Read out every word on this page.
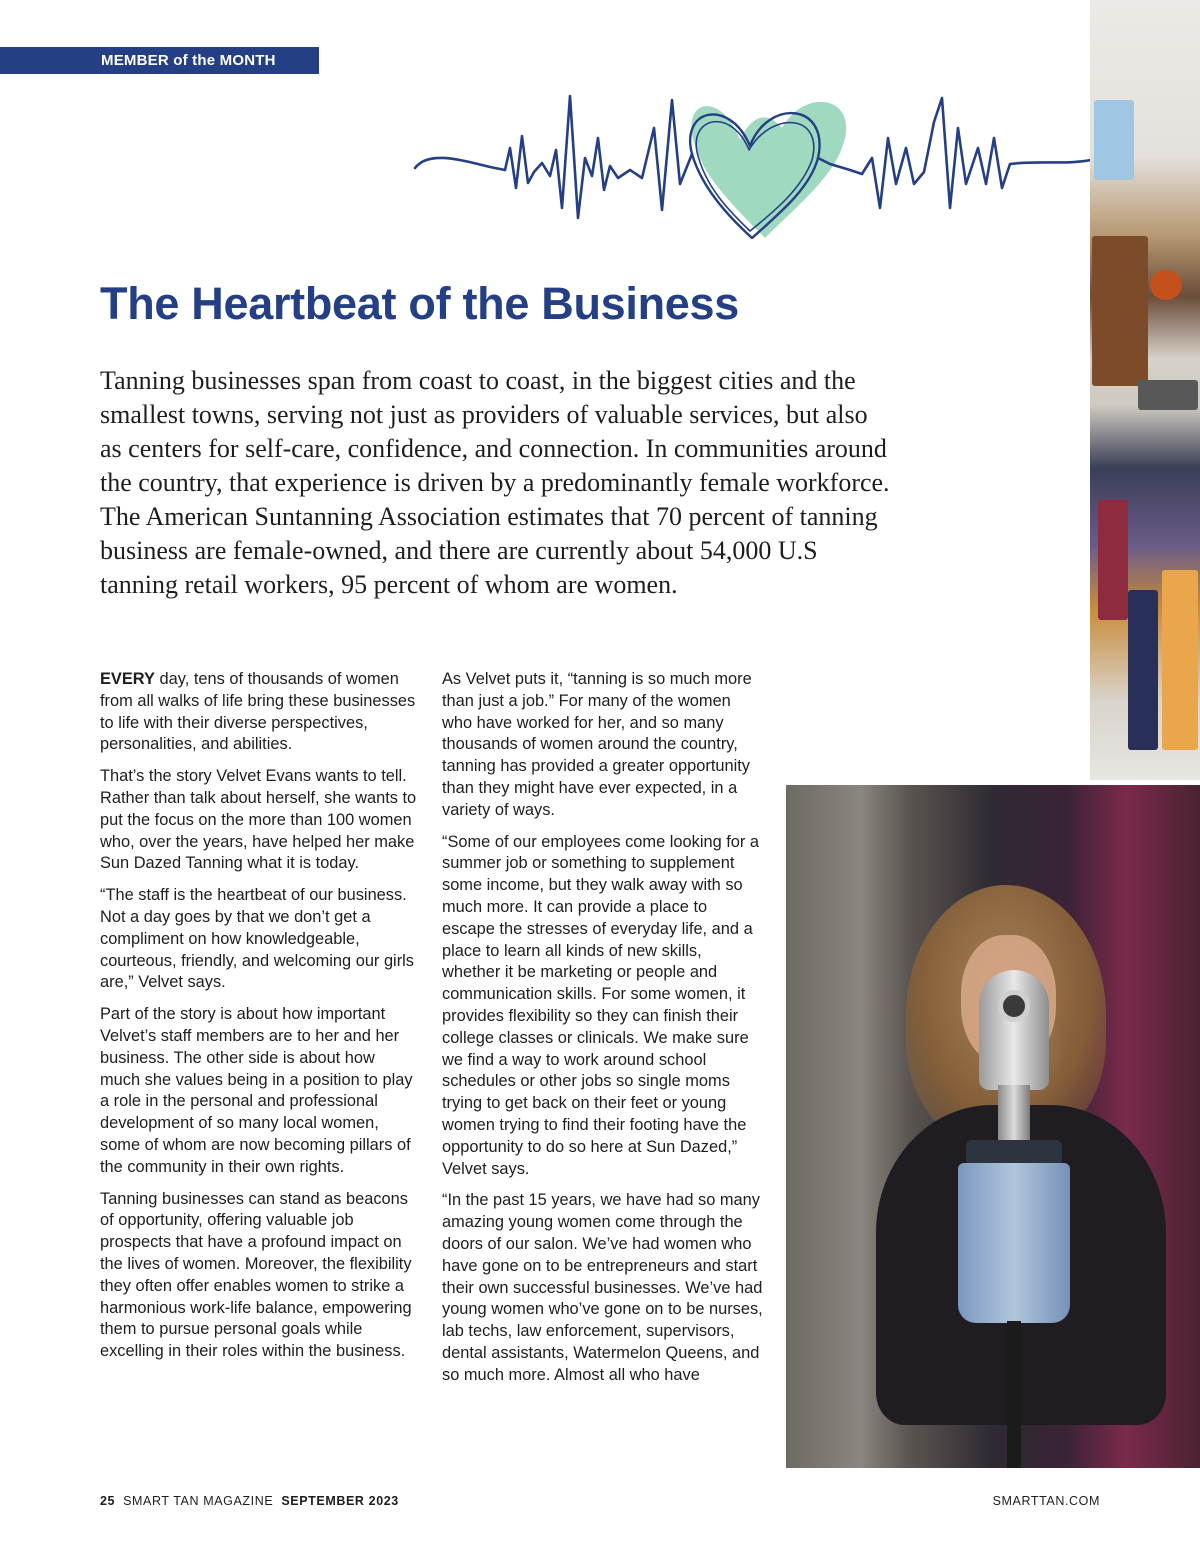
MEMBER of the MONTH
The Heartbeat of the Business

Tanning businesses span from coast to coast, in the biggest cities and the smallest towns, serving not just as providers of valuable services, but also as centers for self-care, confidence, and connection. In communities around the country, that experience is driven by a predominantly female workforce. The American Suntanning Association estimates that 70 percent of tanning business are female-owned, and there are currently about 54,000 U.S tanning retail workers, 95 percent of whom are women.

EVERY day, tens of thousands of women from all walks of life bring these businesses to life with their diverse perspectives, personalities, and abilities.

That’s the story Velvet Evans wants to tell. Rather than talk about herself, she wants to put the focus on the more than 100 women who, over the years, have helped her make Sun Dazed Tanning what it is today.

“The staff is the heartbeat of our business. Not a day goes by that we don’t get a compliment on how knowledgeable, courteous, friendly, and welcoming our girls are,” Velvet says.

Part of the story is about how important Velvet’s staff members are to her and her business. The other side is about how much she values being in a position to play a role in the personal and professional development of so many local women, some of whom are now becoming pillars of the community in their own rights.

Tanning businesses can stand as beacons of opportunity, offering valuable job prospects that have a profound impact on the lives of women. Moreover, the flexibility they often offer enables women to strike a harmonious work-life balance, empowering them to pursue personal goals while excelling in their roles within the business.

As Velvet puts it, “tanning is so much more than just a job.” For many of the women who have worked for her, and so many thousands of women around the country, tanning has provided a greater opportunity than they might have ever expected, in a variety of ways.

“Some of our employees come looking for a summer job or something to supplement some income, but they walk away with so much more. It can provide a place to escape the stresses of everyday life, and a place to learn all kinds of new skills, whether it be marketing or people and communication skills. For some women, it provides flexibility so they can finish their college classes or clinicals. We make sure we find a way to work around school schedules or other jobs so single moms trying to get back on their feet or young women trying to find their footing have the opportunity to do so here at Sun Dazed,” Velvet says.

“In the past 15 years, we have had so many amazing young women come through the doors of our salon. We’ve had women who have gone on to be entrepreneurs and start their own successful businesses. We’ve had young women who’ve gone on to be nurses, lab techs, law enforcement, supervisors, dental assistants, Watermelon Queens, and so much more. Almost all who have

25 SMART TAN MAGAZINE SEPTEMBER 2023	SMARTTAN.COM
